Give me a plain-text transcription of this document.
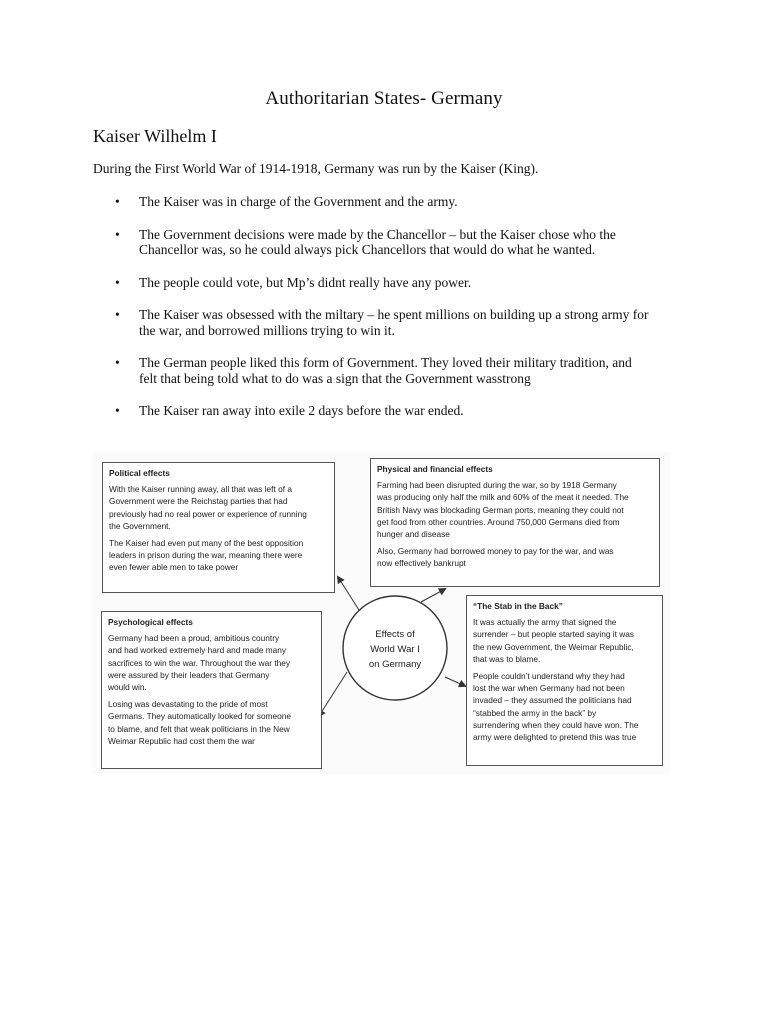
Authoritarian States- Germany
Kaiser Wilhelm I
During the First World War of 1914-1918, Germany was run by the Kaiser (King).
• The Kaiser was in charge of the Government and the army.
• The Government decisions were made by the Chancellor – but the Kaiser chose who the
Chancellor was, so he could always pick Chancellors that would do what he wanted.
• The people could vote, but Mp’s didnt really have any power.
• The Kaiser was obsessed with the miltary – he spent millions on building up a strong army for
the war, and borrowed millions trying to win it.
• The German people liked this form of Government. They loved their military tradition, and
felt that being told what to do was a sign that the Government wasstrong
• The Kaiser ran away into exile 2 days before the war ended.
Effects of
World War I
on Germany
Political effects

With the Kaiser running away, all that was left of a
Government were the Reichstag parties that had
previously had no real power or experience of running
the Government.

The Kaiser had even put many of the best opposition
leaders in prison during the war, meaning there were
even fewer able men to take power

Physical and financial effects

Farming had been disrupted during the war, so by 1918 Germany
was producing only half the milk and 60% of the meat it needed. The
British Navy was blockading German ports, meaning they could not
get food from other countries. Around 750,000 Germans died from
hunger and disease

Also, Germany had borrowed money to pay for the war, and was
now effectively bankrupt

Psychological effects

Germany had been a proud, ambitious country
and had worked extremely hard and made many
sacrifices to win the war. Throughout the war they
were assured by their leaders that Germany
would win.

Losing was devastating to the pride of most
Germans. They automatically looked for someone
to blame, and felt that weak politicians in the New
Weimar Republic had cost them the war

“The Stab in the Back”

It was actually the army that signed the
surrender – but people started saying it was
the new Government, the Weimar Republic,
that was to blame.

People couldn’t understand why they had
lost the war when Germany had not been
invaded – they assumed the politicians had
“stabbed the army in the back” by
surrendering when they could have won. The
army were delighted to pretend this was true
